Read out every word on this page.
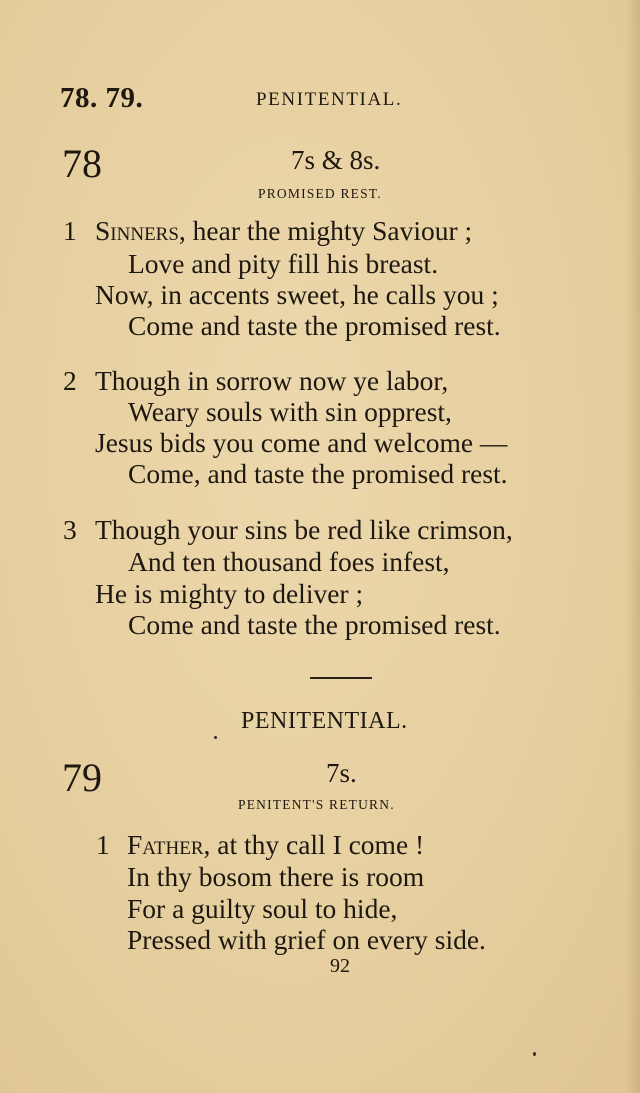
78. 79.	PENITENTIAL.
78	7s & 8s.
PROMISED REST.
1 Sinners, hear the mighty Saviour ;
Love and pity fill his breast.
Now, in accents sweet, he calls you ;
Come and taste the promised rest.
2 Though in sorrow now ye labor,
Weary souls with sin opprest,
Jesus bids you come and welcome —
Come, and taste the promised rest.
3 Though your sins be red like crimson,
And ten thousand foes infest,
He is mighty to deliver ;
Come and taste the promised rest.
PENITENTIAL.
79	7s.
PENITENT'S RETURN.
1 Father, at thy call I come !
In thy bosom there is room
For a guilty soul to hide,
Pressed with grief on every side.
92
